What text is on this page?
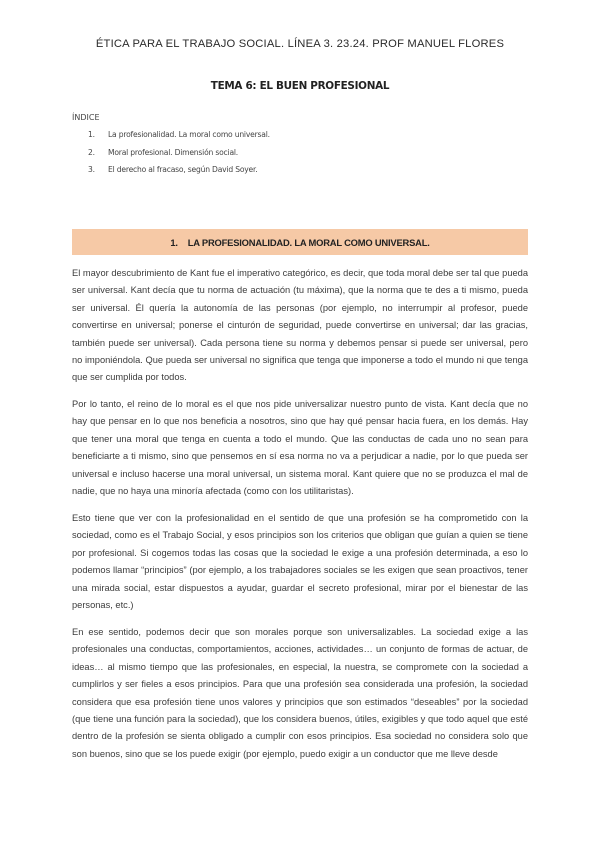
ÉTICA PARA EL TRABAJO SOCIAL. LÍNEA 3. 23.24. PROF MANUEL FLORES
TEMA 6: EL BUEN PROFESIONAL
ÍNDICE
1. La profesionalidad. La moral como universal.
2. Moral profesional. Dimensión social.
3. El derecho al fracaso, según David Soyer.
1. LA PROFESIONALIDAD. LA MORAL COMO UNIVERSAL.

El mayor descubrimiento de Kant fue el imperativo categórico, es decir, que toda moral debe ser tal que pueda ser universal. Kant decía que tu norma de actuación (tu máxima), que la norma que te des a ti mismo, pueda ser universal. Él quería la autonomía de las personas (por ejemplo, no interrumpir al profesor, puede convertirse en universal; ponerse el cinturón de seguridad, puede convertirse en universal; dar las gracias, también puede ser universal). Cada persona tiene su norma y debemos pensar si puede ser universal, pero no imponiéndola. Que pueda ser universal no significa que tenga que imponerse a todo el mundo ni que tenga que ser cumplida por todos.

Por lo tanto, el reino de lo moral es el que nos pide universalizar nuestro punto de vista. Kant decía que no hay que pensar en lo que nos beneficia a nosotros, sino que hay qué pensar hacia fuera, en los demás. Hay que tener una moral que tenga en cuenta a todo el mundo. Que las conductas de cada uno no sean para beneficiarte a ti mismo, sino que pensemos en sí esa norma no va a perjudicar a nadie, por lo que pueda ser universal e incluso hacerse una moral universal, un sistema moral. Kant quiere que no se produzca el mal de nadie, que no haya una minoría afectada (como con los utilitaristas).

Esto tiene que ver con la profesionalidad en el sentido de que una profesión se ha comprometido con la sociedad, como es el Trabajo Social, y esos principios son los criterios que obligan que guían a quien se tiene por profesional. Si cogemos todas las cosas que la sociedad le exige a una profesión determinada, a eso lo podemos llamar “principios” (por ejemplo, a los trabajadores sociales se les exigen que sean proactivos, tener una mirada social, estar dispuestos a ayudar, guardar el secreto profesional, mirar por el bienestar de las personas, etc.)

En ese sentido, podemos decir que son morales porque son universalizables. La sociedad exige a las profesionales una conductas, comportamientos, acciones, actividades… un conjunto de formas de actuar, de ideas… al mismo tiempo que las profesionales, en especial, la nuestra, se compromete con la sociedad a cumplirlos y ser fieles a esos principios. Para que una profesión sea considerada una profesión, la sociedad considera que esa profesión tiene unos valores y principios que son estimados “deseables” por la sociedad (que tiene una función para la sociedad), que los considera buenos, útiles, exigibles y que todo aquel que esté dentro de la profesión se sienta obligado a cumplir con esos principios. Esa sociedad no considera solo que son buenos, sino que se los puede exigir (por ejemplo, puedo exigir a un conductor que me lleve desde
